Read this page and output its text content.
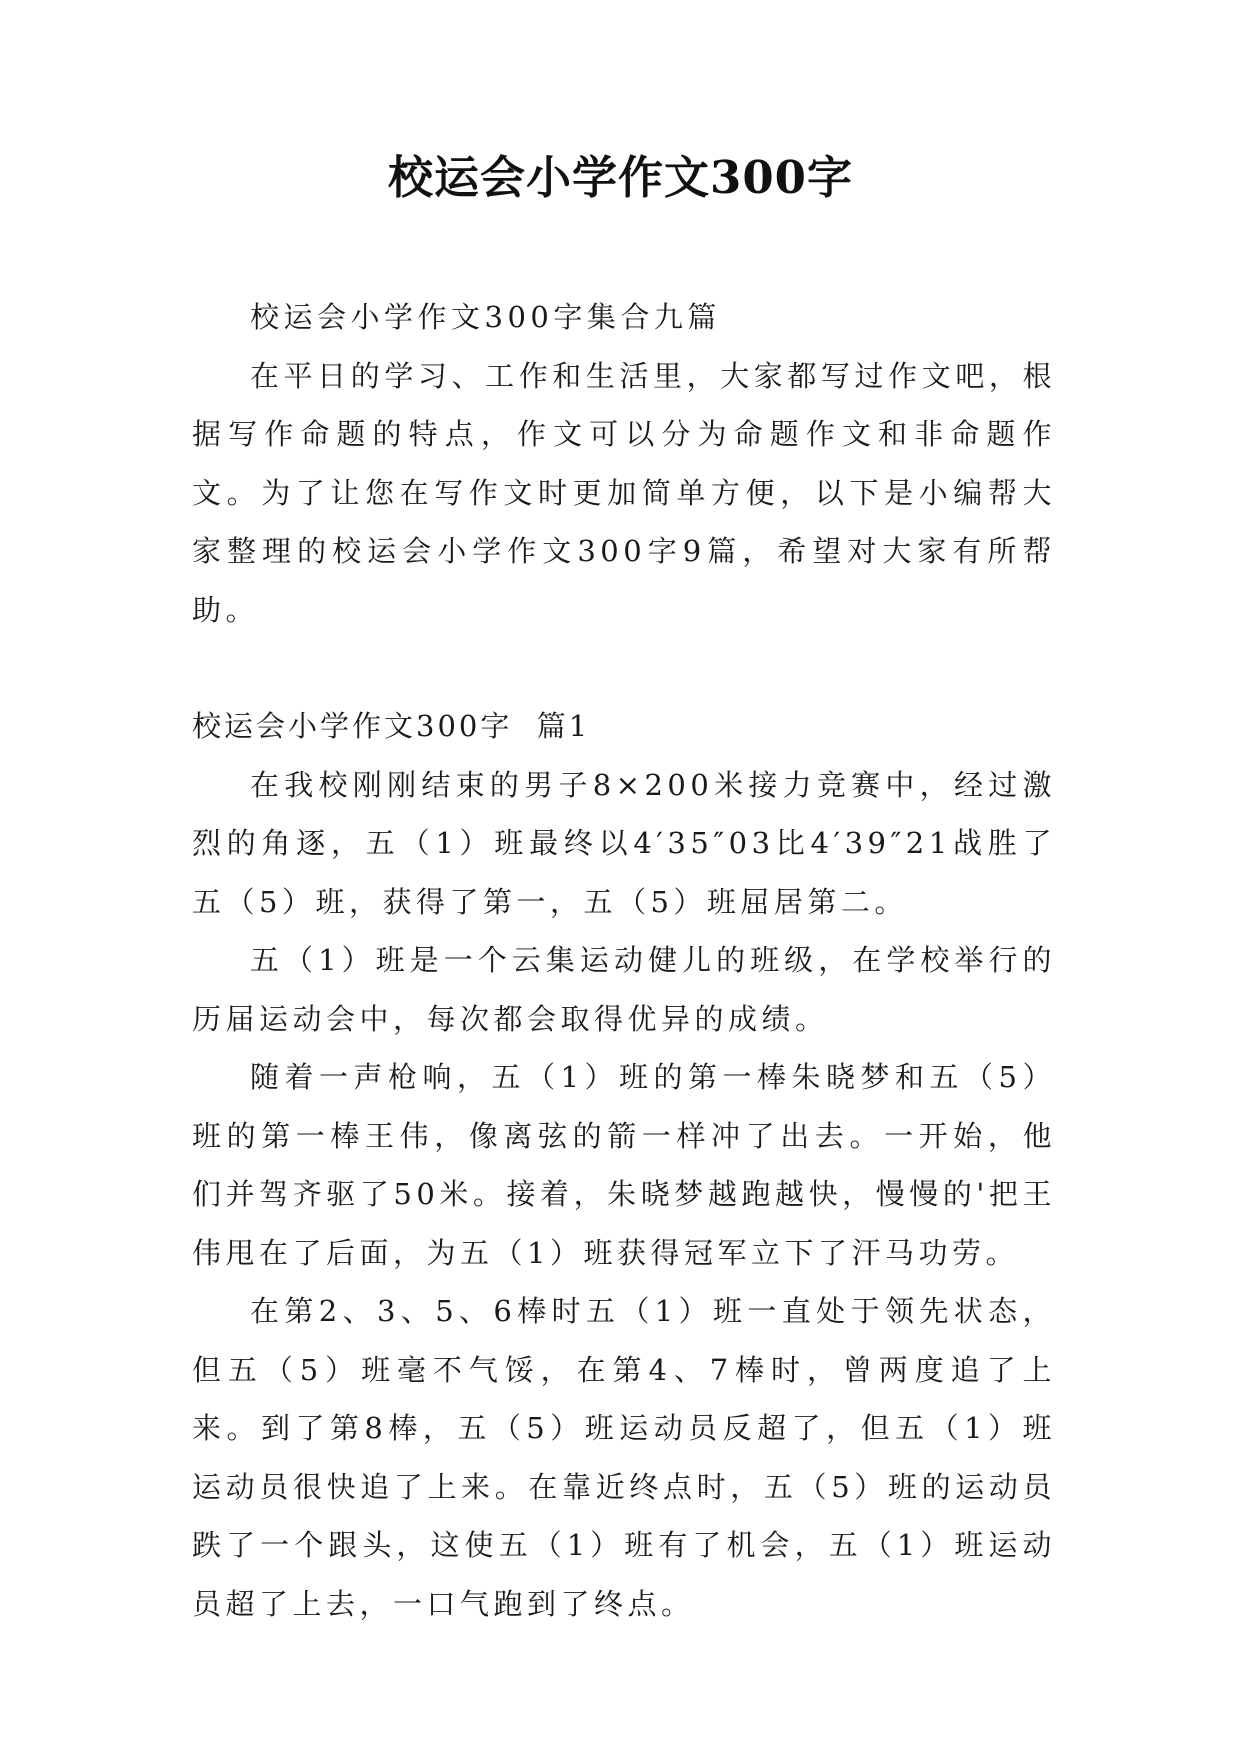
校运会小学作文300字

校运会小学作文300字集合九篇

在平日的学习、工作和生活里，大家都写过作文吧，根据写作命题的特点，作文可以分为命题作文和非命题作文。为了让您在写作文时更加简单方便，以下是小编帮大家整理的校运会小学作文300字9篇，希望对大家有所帮助。

校运会小学作文300字  篇1

在我校刚刚结束的男子8×200米接力竞赛中，经过激烈的角逐，五（1）班最终以4′35″03比4′39″21战胜了五（5）班，获得了第一，五（5）班屈居第二。

五（1）班是一个云集运动健儿的班级，在学校举行的历届运动会中，每次都会取得优异的成绩。

随着一声枪响，五（1）班的第一棒朱晓梦和五（5）班的第一棒王伟，像离弦的箭一样冲了出去。一开始，他们并驾齐驱了50米。接着，朱晓梦越跑越快，慢慢的'把王伟甩在了后面，为五（1）班获得冠军立下了汗马功劳。

在第2、3、5、6棒时五（1）班一直处于领先状态，但五（5）班毫不气馁，在第4、7棒时，曾两度追了上来。到了第8棒，五（5）班运动员反超了，但五（1）班运动员很快追了上来。在靠近终点时，五（5）班的运动员跌了一个跟头，这使五（1）班有了机会，五（1）班运动员超了上去，一口气跑到了终点。
